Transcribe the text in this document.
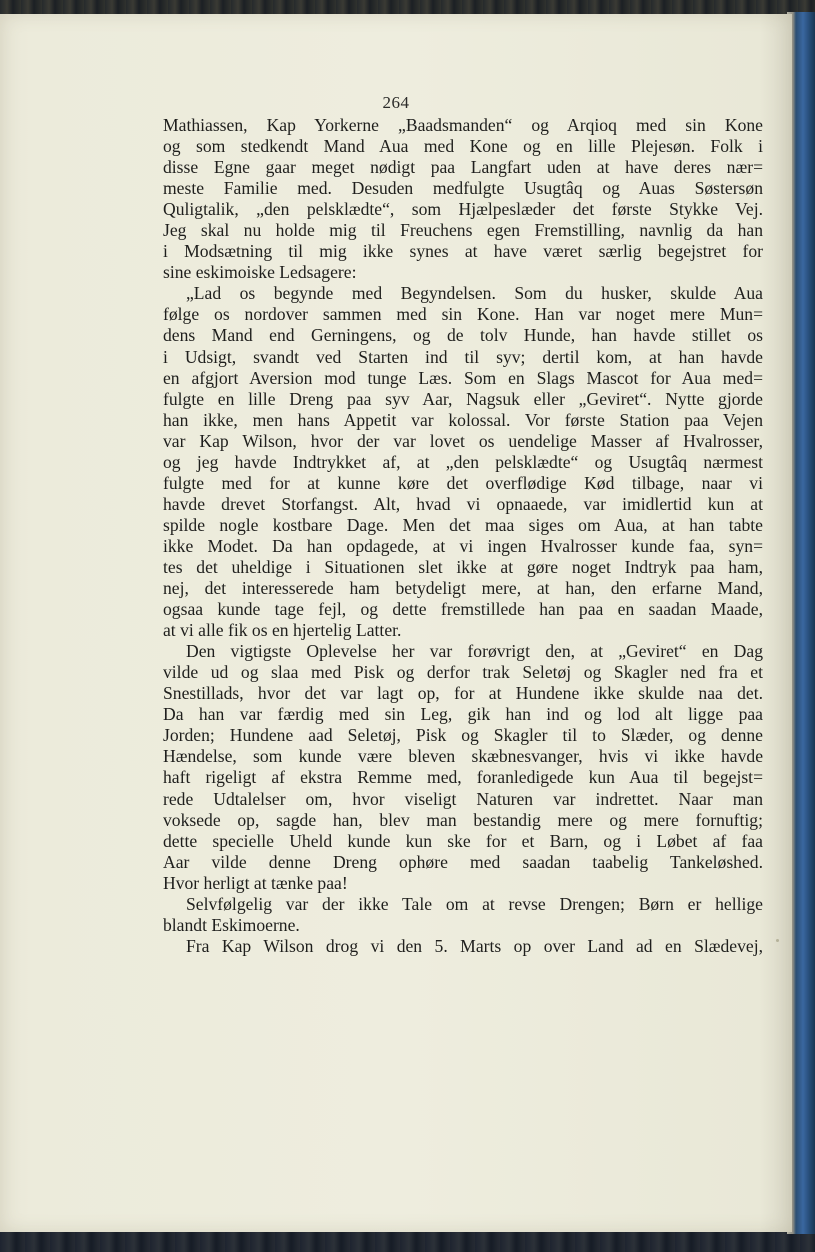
264
Mathiassen, Kap Yorkerne „Baadsmanden“ og Arqioq med sin Kone
og som stedkendt Mand Aua med Kone og en lille Plejesøn. Folk i
disse Egne gaar meget nødigt paa Langfart uden at have deres nær=
meste Familie med. Desuden medfulgte Usugtâq og Auas Søstersøn
Quligtalik, „den pelsklædte“, som Hjælpeslæder det første Stykke Vej.
Jeg skal nu holde mig til Freuchens egen Fremstilling, navnlig da han
i Modsætning til mig ikke synes at have været særlig begejstret for
sine eskimoiske Ledsagere:
„Lad os begynde med Begyndelsen. Som du husker, skulde Aua
følge os nordover sammen med sin Kone. Han var noget mere Mun=
dens Mand end Gerningens, og de tolv Hunde, han havde stillet os
i Udsigt, svandt ved Starten ind til syv; dertil kom, at han havde
en afgjort Aversion mod tunge Læs. Som en Slags Mascot for Aua med=
fulgte en lille Dreng paa syv Aar, Nagsuk eller „Geviret“. Nytte gjorde
han ikke, men hans Appetit var kolossal. Vor første Station paa Vejen
var Kap Wilson, hvor der var lovet os uendelige Masser af Hvalrosser,
og jeg havde Indtrykket af, at „den pelsklædte“ og Usugtâq nærmest
fulgte med for at kunne køre det overflødige Kød tilbage, naar vi
havde drevet Storfangst. Alt, hvad vi opnaaede, var imidlertid kun at
spilde nogle kostbare Dage. Men det maa siges om Aua, at han tabte
ikke Modet. Da han opdagede, at vi ingen Hvalrosser kunde faa, syn=
tes det uheldige i Situationen slet ikke at gøre noget Indtryk paa ham,
nej, det interesserede ham betydeligt mere, at han, den erfarne Mand,
ogsaa kunde tage fejl, og dette fremstillede han paa en saadan Maade,
at vi alle fik os en hjertelig Latter.
Den vigtigste Oplevelse her var forøvrigt den, at „Geviret“ en Dag
vilde ud og slaa med Pisk og derfor trak Seletøj og Skagler ned fra et
Snestillads, hvor det var lagt op, for at Hundene ikke skulde naa det.
Da han var færdig med sin Leg, gik han ind og lod alt ligge paa
Jorden; Hundene aad Seletøj, Pisk og Skagler til to Slæder, og denne
Hændelse, som kunde være bleven skæbnesvanger, hvis vi ikke havde
haft rigeligt af ekstra Remme med, foranledigede kun Aua til begejst=
rede Udtalelser om, hvor viseligt Naturen var indrettet. Naar man
voksede op, sagde han, blev man bestandig mere og mere fornuftig;
dette specielle Uheld kunde kun ske for et Barn, og i Løbet af faa
Aar vilde denne Dreng ophøre med saadan taabelig Tankeløshed.
Hvor herligt at tænke paa!
Selvfølgelig var der ikke Tale om at revse Drengen; Børn er hellige
blandt Eskimoerne.
Fra Kap Wilson drog vi den 5. Marts op over Land ad en Slædevej,
